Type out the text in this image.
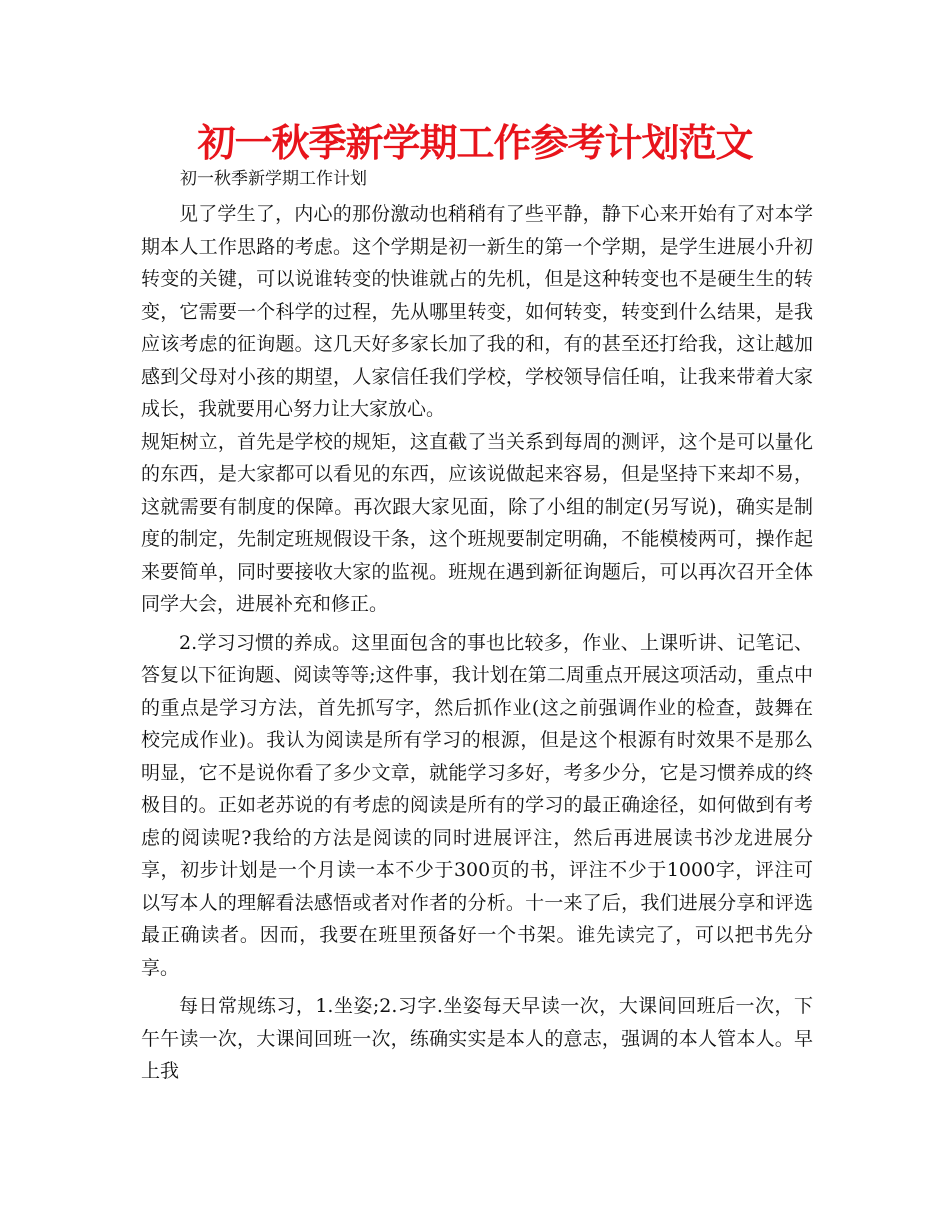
初一秋季新学期工作参考计划范文
初一秋季新学期工作计划

见了学生了，内心的那份激动也稍稍有了些平静，静下心来开始有了对本学期本人工作思路的考虑。这个学期是初一新生的第一个学期，是学生进展小升初转变的关键，可以说谁转变的快谁就占的先机，但是这种转变也不是硬生生的转变，它需要一个科学的过程，先从哪里转变，如何转变，转变到什么结果，是我应该考虑的征询题。这几天好多家长加了我的和，有的甚至还打给我，这让越加感到父母对小孩的期望，人家信任我们学校，学校领导信任咱，让我来带着大家成长，我就要用心努力让大家放心。

规矩树立，首先是学校的规矩，这直截了当关系到每周的测评，这个是可以量化的东西，是大家都可以看见的东西，应该说做起来容易，但是坚持下来却不易，这就需要有制度的保障。再次跟大家见面，除了小组的制定(另写说)，确实是制度的制定，先制定班规假设干条，这个班规要制定明确，不能模棱两可，操作起来要简单，同时要接收大家的监视。班规在遇到新征询题后，可以再次召开全体同学大会，进展补充和修正。

2.学习习惯的养成。这里面包含的事也比较多，作业、上课听讲、记笔记、答复以下征询题、阅读等等;这件事，我计划在第二周重点开展这项活动，重点中的重点是学习方法，首先抓写字，然后抓作业(这之前强调作业的检查，鼓舞在校完成作业)。我认为阅读是所有学习的根源，但是这个根源有时效果不是那么明显，它不是说你看了多少文章，就能学习多好，考多少分，它是习惯养成的终极目的。正如老苏说的有考虑的阅读是所有的学习的最正确途径，如何做到有考虑的阅读呢?我给的方法是阅读的同时进展评注，然后再进展读书沙龙进展分享，初步计划是一个月读一本不少于300页的书，评注不少于1000字，评注可以写本人的理解看法感悟或者对作者的分析。十一来了后，我们进展分享和评选最正确读者。因而，我要在班里预备好一个书架。谁先读完了，可以把书先分享。

每日常规练习，1.坐姿;2.习字.坐姿每天早读一次，大课间回班后一次，下午午读一次，大课间回班一次，练确实实是本人的意志，强调的本人管本人。早上我
